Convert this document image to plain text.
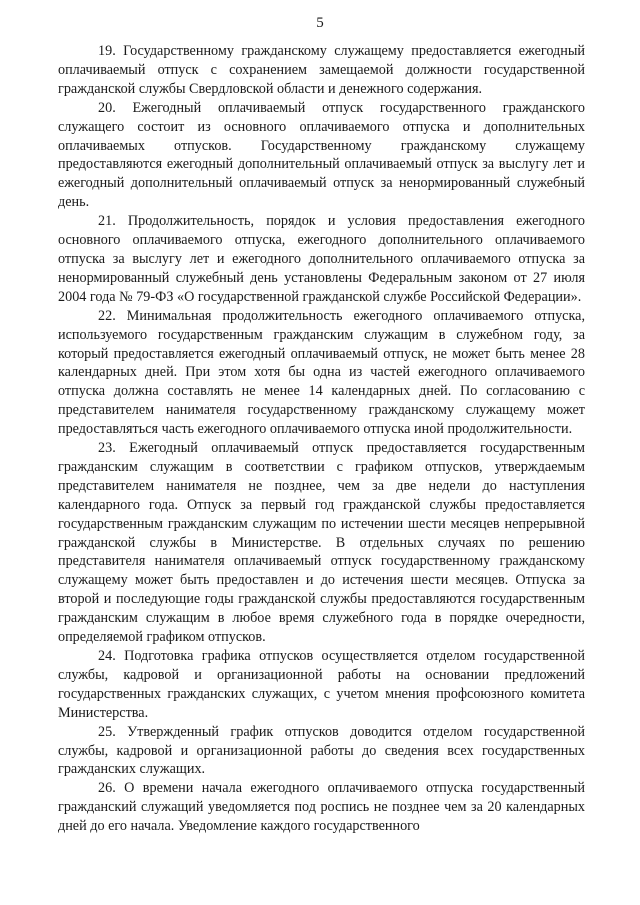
5

19. Государственному гражданскому служащему предоставляется ежегодный оплачиваемый отпуск с сохранением замещаемой должности государственной гражданской службы Свердловской области и денежного содержания.

20. Ежегодный оплачиваемый отпуск государственного гражданского служащего состоит из основного оплачиваемого отпуска и дополнительных оплачиваемых отпусков. Государственному гражданскому служащему предоставляются ежегодный дополнительный оплачиваемый отпуск за выслугу лет и ежегодный дополнительный оплачиваемый отпуск за ненормированный служебный день.

21. Продолжительность, порядок и условия предоставления ежегодного основного оплачиваемого отпуска, ежегодного дополнительного оплачиваемого отпуска за выслугу лет и ежегодного дополнительного оплачиваемого отпуска за ненормированный служебный день установлены Федеральным законом от 27 июля 2004 года № 79-ФЗ «О государственной гражданской службе Российской Федерации».

22. Минимальная продолжительность ежегодного оплачиваемого отпуска, используемого государственным гражданским служащим в служебном году, за который предоставляется ежегодный оплачиваемый отпуск, не может быть менее 28 календарных дней. При этом хотя бы одна из частей ежегодного оплачиваемого отпуска должна составлять не менее 14 календарных дней. По согласованию с представителем нанимателя государственному гражданскому служащему может предоставляться часть ежегодного оплачиваемого отпуска иной продолжительности.

23. Ежегодный оплачиваемый отпуск предоставляется государственным гражданским служащим в соответствии с графиком отпусков, утверждаемым представителем нанимателя не позднее, чем за две недели до наступления календарного года. Отпуск за первый год гражданской службы предоставляется государственным гражданским служащим по истечении шести месяцев непрерывной гражданской службы в Министерстве. В отдельных случаях по решению представителя нанимателя оплачиваемый отпуск государственному гражданскому служащему может быть предоставлен и до истечения шести месяцев. Отпуска за второй и последующие годы гражданской службы предоставляются государственным гражданским служащим в любое время служебного года в порядке очередности, определяемой графиком отпусков.

24. Подготовка графика отпусков осуществляется отделом государственной службы, кадровой и организационной работы на основании предложений государственных гражданских служащих, с учетом мнения профсоюзного комитета Министерства.

25. Утвержденный график отпусков доводится отделом государственной службы, кадровой и организационной работы до сведения всех государственных гражданских служащих.

26. О времени начала ежегодного оплачиваемого отпуска государственный гражданский служащий уведомляется под роспись не позднее чем за 20 календарных дней до его начала. Уведомление каждого государственного
